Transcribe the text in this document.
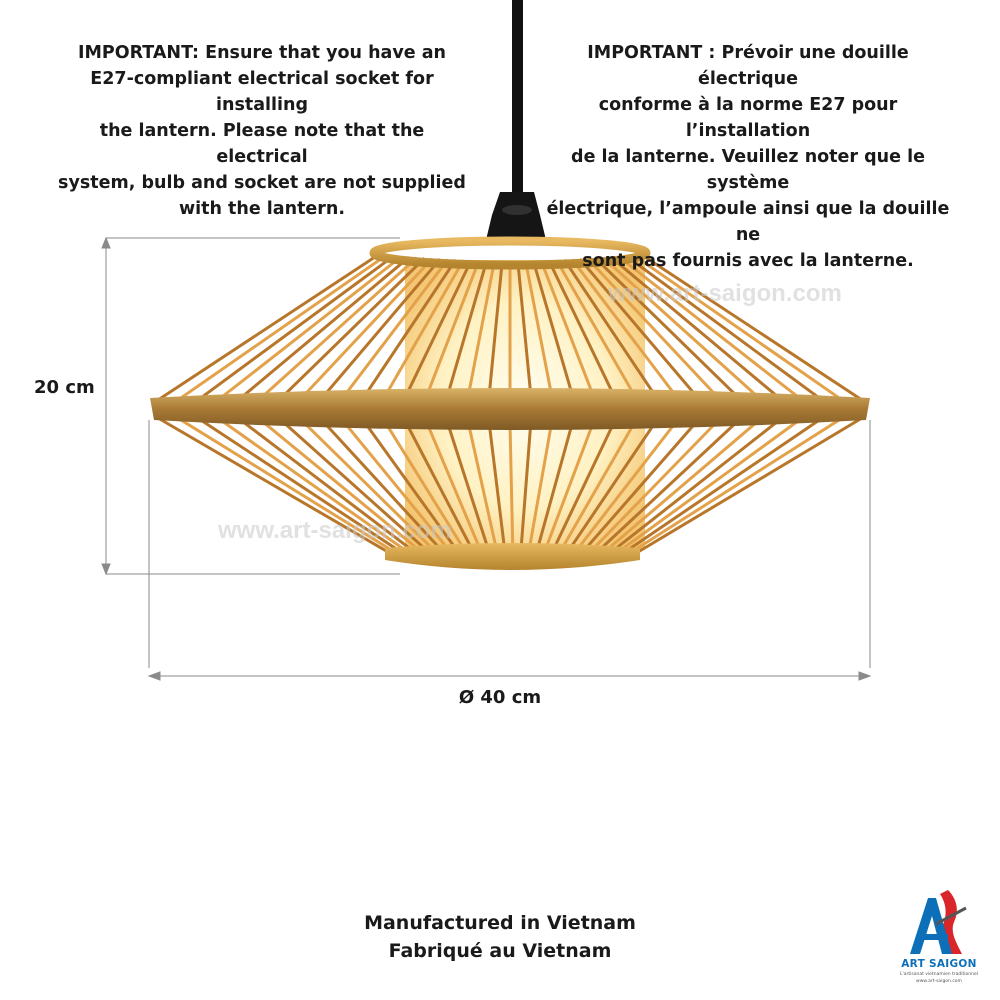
www.art-saigon.com
www.art-saigon.com
IMPORTANT: Ensure that you have an
E27-compliant electrical socket for installing
the lantern. Please note that the electrical
system, bulb and socket are not supplied
with the lantern.
IMPORTANT : Prévoir une douille électrique
conforme à la norme E27 pour l’installation
de la lanterne. Veuillez noter que le système
électrique, l’ampoule ainsi que la douille ne
sont pas fournis avec la lanterne.
20 cm
Ø 40 cm
Manufactured in Vietnam
Fabriqué au Vietnam
ART SAIGON
L'artisanat vietnamien traditionnel
www.art-saigon.com
